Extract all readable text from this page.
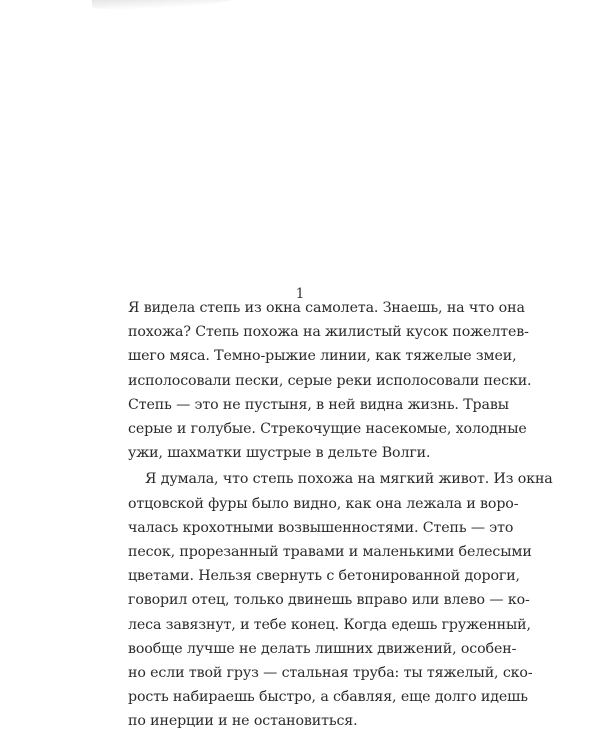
1

Я видела степь из окна самолета. Знаешь, на что она
похожа? Степь похожа на жилистый кусок пожелтев-
шего мяса. Темно-рыжие линии, как тяжелые змеи,
исполосовали пески, серые реки исполосовали пески.
Степь — это не пустыня, в ней видна жизнь. Травы
серые и голубые. Стрекочущие насекомые, холодные
ужи, шахматки шустрые в дельте Волги.

Я думала, что степь похожа на мягкий живот. Из окна
отцовской фуры было видно, как она лежала и воро-
чалась крохотными возвышенностями. Степь — это
песок, прорезанный травами и маленькими белесыми
цветами. Нельзя свернуть с бетонированной дороги,
говорил отец, только двинешь вправо или влево — ко-
леса завязнут, и тебе конец. Когда едешь груженный,
вообще лучше не делать лишних движений, особен-
но если твой груз — стальная труба: ты тяжелый, ско-
рость набираешь быстро, а сбавляя, еще долго идешь
по инерции и не остановиться.
